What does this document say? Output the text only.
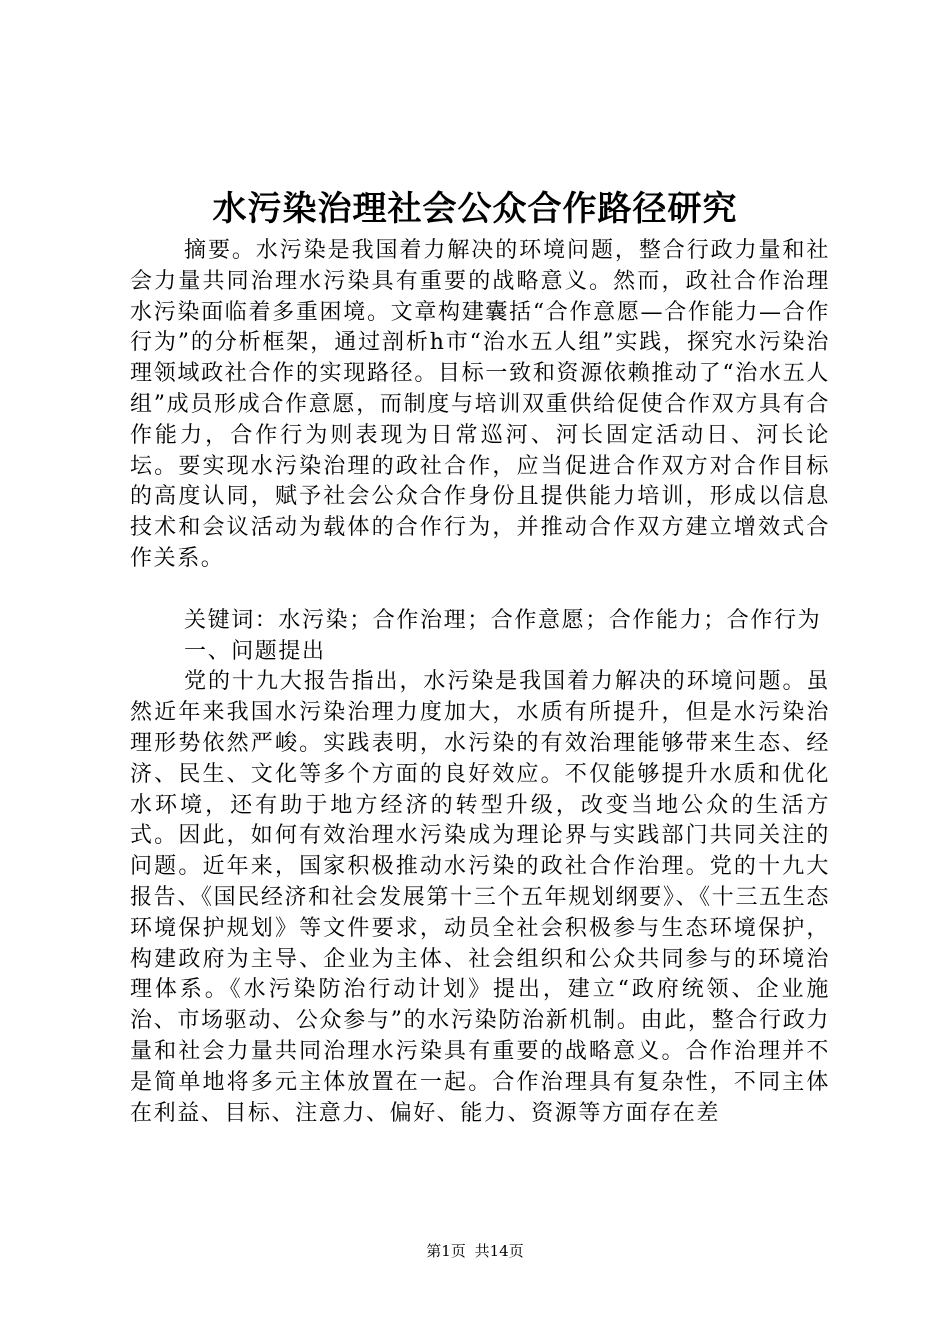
水污染治理社会公众合作路径研究

摘要。水污染是我国着力解决的环境问题，整合行政力量和社会力量共同治理水污染具有重要的战略意义。然而，政社合作治理水污染面临着多重困境。文章构建囊括“合作意愿—合作能力—合作行为”的分析框架，通过剖析h市“治水五人组”实践，探究水污染治理领域政社合作的实现路径。目标一致和资源依赖推动了“治水五人组”成员形成合作意愿，而制度与培训双重供给促使合作双方具有合作能力，合作行为则表现为日常巡河、河长固定活动日、河长论坛。要实现水污染治理的政社合作，应当促进合作双方对合作目标的高度认同，赋予社会公众合作身份且提供能力培训，形成以信息技术和会议活动为载体的合作行为，并推动合作双方建立增效式合作关系。

关键词：水污染；合作治理；合作意愿；合作能力；合作行为

一、问题提出

党的十九大报告指出，水污染是我国着力解决的环境问题。虽然近年来我国水污染治理力度加大，水质有所提升，但是水污染治理形势依然严峻。实践表明，水污染的有效治理能够带来生态、经济、民生、文化等多个方面的良好效应。不仅能够提升水质和优化水环境，还有助于地方经济的转型升级，改变当地公众的生活方式。因此，如何有效治理水污染成为理论界与实践部门共同关注的问题。近年来，国家积极推动水污染的政社合作治理。党的十九大报告、《国民经济和社会发展第十三个五年规划纲要》、《十三五生态环境保护规划》等文件要求，动员全社会积极参与生态环境保护，构建政府为主导、企业为主体、社会组织和公众共同参与的环境治理体系。《水污染防治行动计划》提出，建立“政府统领、企业施治、市场驱动、公众参与”的水污染防治新机制。由此，整合行政力量和社会力量共同治理水污染具有重要的战略意义。合作治理并不是简单地将多元主体放置在一起。合作治理具有复杂性，不同主体在利益、目标、注意力、偏好、能力、资源等方面存在差

第1页 共14页
